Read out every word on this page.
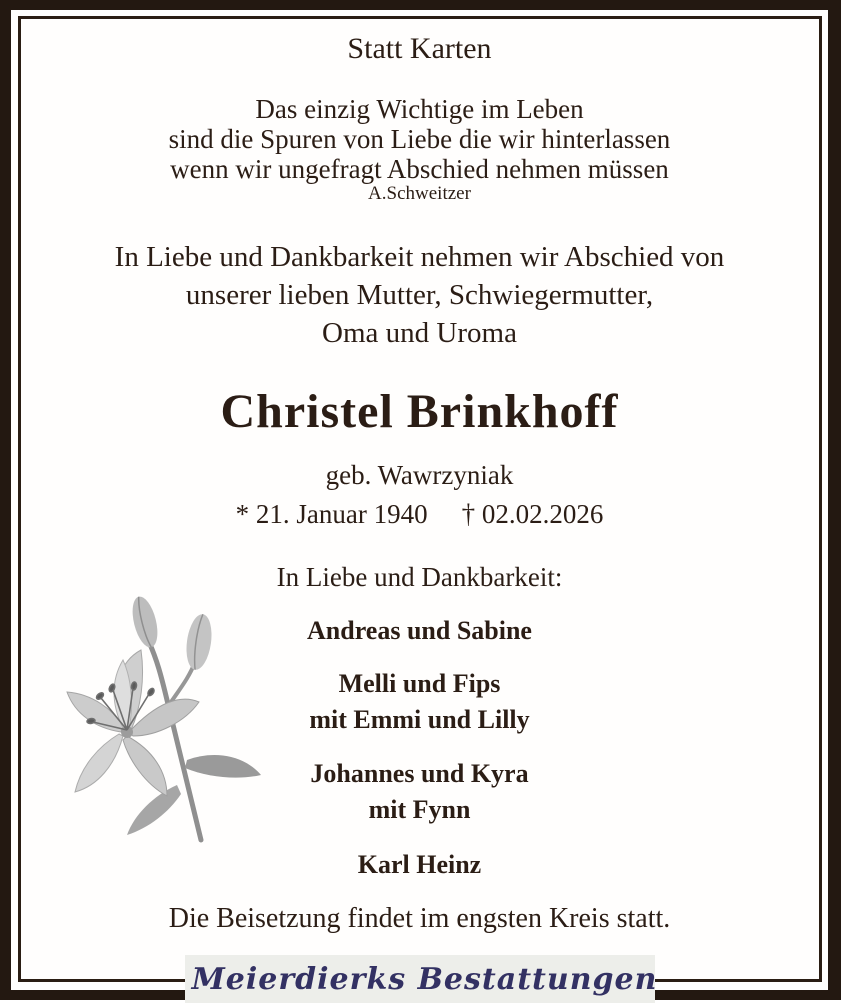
Statt Karten
Das einzig Wichtige im Leben
sind die Spuren von Liebe die wir hinterlassen
wenn wir ungefragt Abschied nehmen müssen
A.Schweitzer
In Liebe und Dankbarkeit nehmen wir Abschied von
unserer lieben Mutter, Schwiegermutter,
Oma und Uroma
Christel Brinkhoff
geb. Wawrzyniak
* 21. Januar 1940 † 02.02.2026
In Liebe und Dankbarkeit:
Andreas und Sabine
Melli und Fips
mit Emmi und Lilly
Johannes und Kyra
mit Fynn
Karl Heinz
Die Beisetzung findet im engsten Kreis statt.
Meierdierks Bestattungen
